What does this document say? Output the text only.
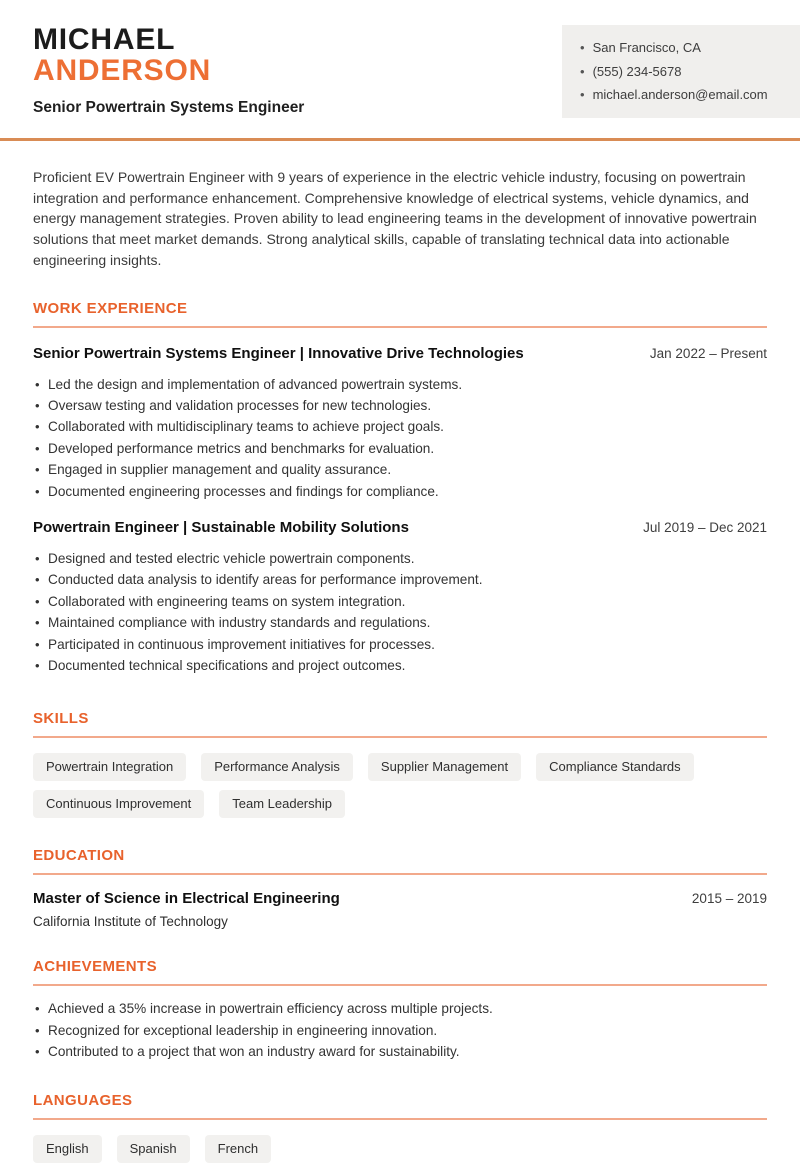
MICHAEL
ANDERSON
Senior Powertrain Systems Engineer
• San Francisco, CA
• (555) 234-5678
• michael.anderson@email.com

Proficient EV Powertrain Engineer with 9 years of experience in the electric vehicle industry, focusing on powertrain integration and performance enhancement. Comprehensive knowledge of electrical systems, vehicle dynamics, and energy management strategies. Proven ability to lead engineering teams in the development of innovative powertrain solutions that meet market demands. Strong analytical skills, capable of translating technical data into actionable engineering insights.

WORK EXPERIENCE
Senior Powertrain Systems Engineer | Innovative Drive Technologies	Jan 2022 – Present
• Led the design and implementation of advanced powertrain systems.
• Oversaw testing and validation processes for new technologies.
• Collaborated with multidisciplinary teams to achieve project goals.
• Developed performance metrics and benchmarks for evaluation.
• Engaged in supplier management and quality assurance.
• Documented engineering processes and findings for compliance.
Powertrain Engineer | Sustainable Mobility Solutions	Jul 2019 – Dec 2021
• Designed and tested electric vehicle powertrain components.
• Conducted data analysis to identify areas for performance improvement.
• Collaborated with engineering teams on system integration.
• Maintained compliance with industry standards and regulations.
• Participated in continuous improvement initiatives for processes.
• Documented technical specifications and project outcomes.
SKILLS
Powertrain Integration	Performance Analysis	Supplier Management	Compliance Standards
Continuous Improvement	Team Leadership
EDUCATION
Master of Science in Electrical Engineering	2015 – 2019
California Institute of Technology
ACHIEVEMENTS
• Achieved a 35% increase in powertrain efficiency across multiple projects.
• Recognized for exceptional leadership in engineering innovation.
• Contributed to a project that won an industry award for sustainability.
LANGUAGES
English	Spanish	French
